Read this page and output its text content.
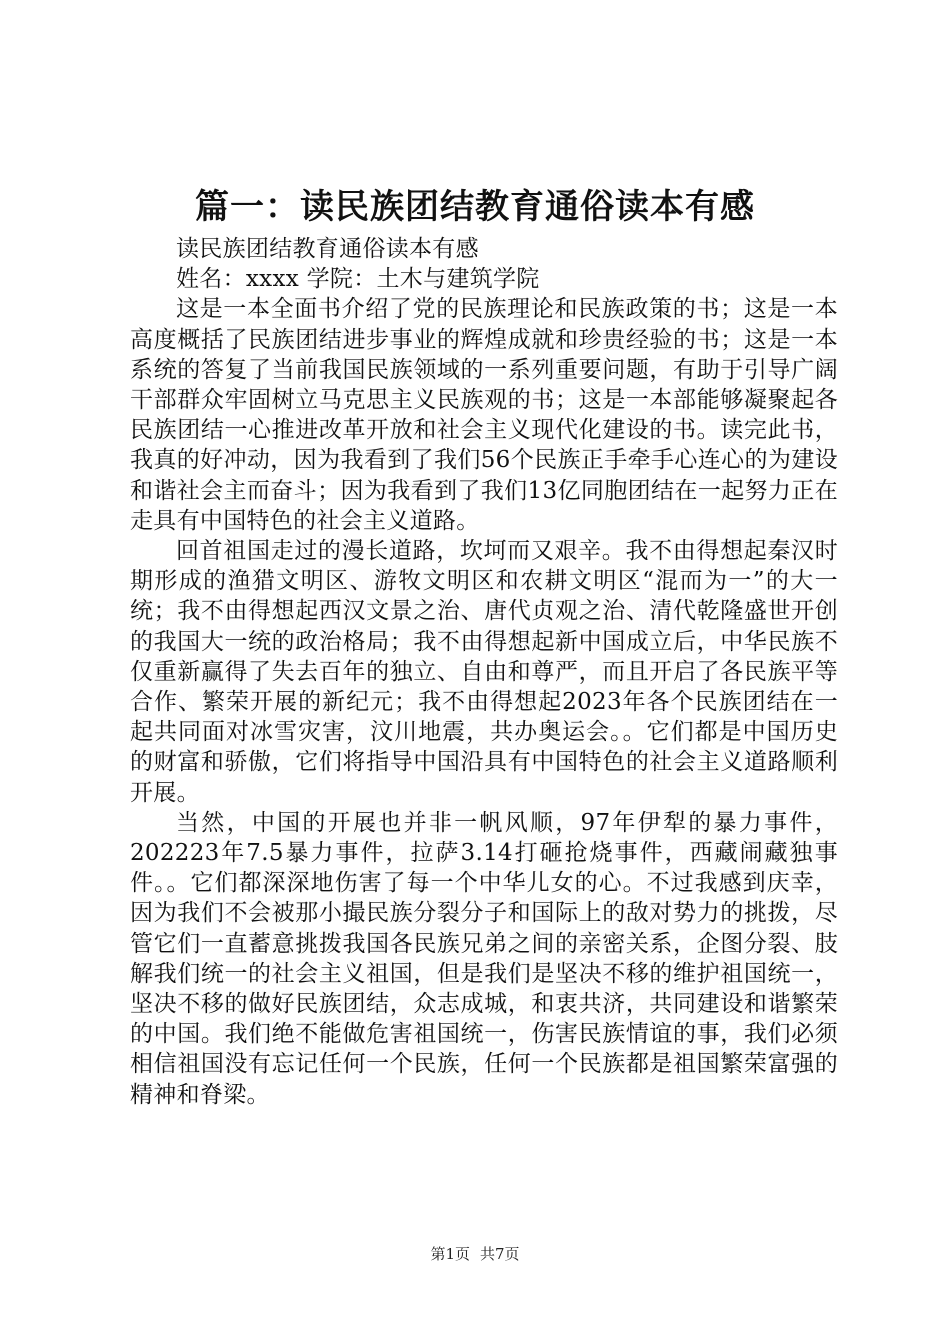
篇一：读民族团结教育通俗读本有感

读民族团结教育通俗读本有感

姓名：xxxx 学院：土木与建筑学院

这是一本全面书介绍了党的民族理论和民族政策的书；这是一本高度概括了民族团结进步事业的辉煌成就和珍贵经验的书；这是一本系统的答复了当前我国民族领域的一系列重要问题，有助于引导广阔干部群众牢固树立马克思主义民族观的书；这是一本部能够凝聚起各民族团结一心推进改革开放和社会主义现代化建设的书。读完此书，我真的好冲动，因为我看到了我们56个民族正手牵手心连心的为建设和谐社会主而奋斗；因为我看到了我们13亿同胞团结在一起努力正在走具有中国特色的社会主义道路。

回首祖国走过的漫长道路，坎坷而又艰辛。我不由得想起秦汉时期形成的渔猎文明区、游牧文明区和农耕文明区“混而为一”的大一统；我不由得想起西汉文景之治、唐代贞观之治、清代乾隆盛世开创的我国大一统的政治格局；我不由得想起新中国成立后，中华民族不仅重新赢得了失去百年的独立、自由和尊严，而且开启了各民族平等合作、繁荣开展的新纪元；我不由得想起2023年各个民族团结在一起共同面对冰雪灾害，汶川地震，共办奥运会。。它们都是中国历史的财富和骄傲，它们将指导中国沿具有中国特色的社会主义道路顺利开展。

当然，中国的开展也并非一帆风顺，97年伊犁的暴力事件，202223年7.5暴力事件，拉萨3.14打砸抢烧事件，西藏闹藏独事件。。它们都深深地伤害了每一个中华儿女的心。不过我感到庆幸，因为我们不会被那小撮民族分裂分子和国际上的敌对势力的挑拨，尽管它们一直蓄意挑拨我国各民族兄弟之间的亲密关系，企图分裂、肢解我们统一的社会主义祖国，但是我们是坚决不移的维护祖国统一，坚决不移的做好民族团结，众志成城，和衷共济，共同建设和谐繁荣的中国。我们绝不能做危害祖国统一，伤害民族情谊的事，我们必须相信祖国没有忘记任何一个民族，任何一个民族都是祖国繁荣富强的精神和脊梁。

第1页 共7页
